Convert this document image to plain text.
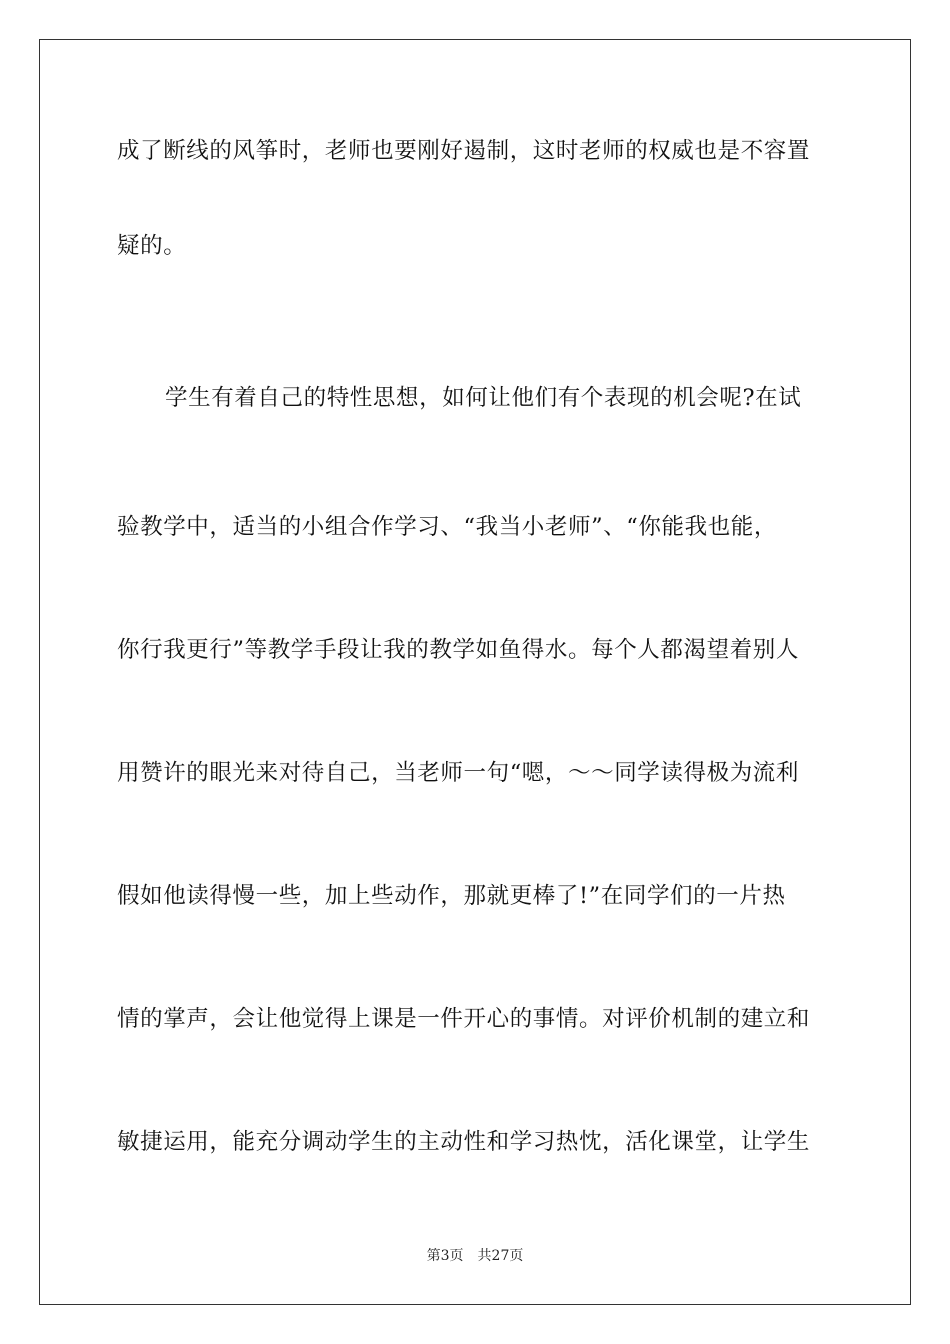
成了断线的风筝时，老师也要刚好遏制，这时老师的权威也是不容置
疑的。
学生有着自己的特性思想，如何让他们有个表现的机会呢?在试
验教学中，适当的小组合作学习、“我当小老师”、“你能我也能，
你行我更行”等教学手段让我的教学如鱼得水。每个人都渴望着别人
用赞许的眼光来对待自己，当老师一句“嗯，～～同学读得极为流利
假如他读得慢一些，加上些动作，那就更棒了!”在同学们的一片热
情的掌声，会让他觉得上课是一件开心的事情。对评价机制的建立和
敏捷运用，能充分调动学生的主动性和学习热忱，活化课堂，让学生
第3页 共27页
